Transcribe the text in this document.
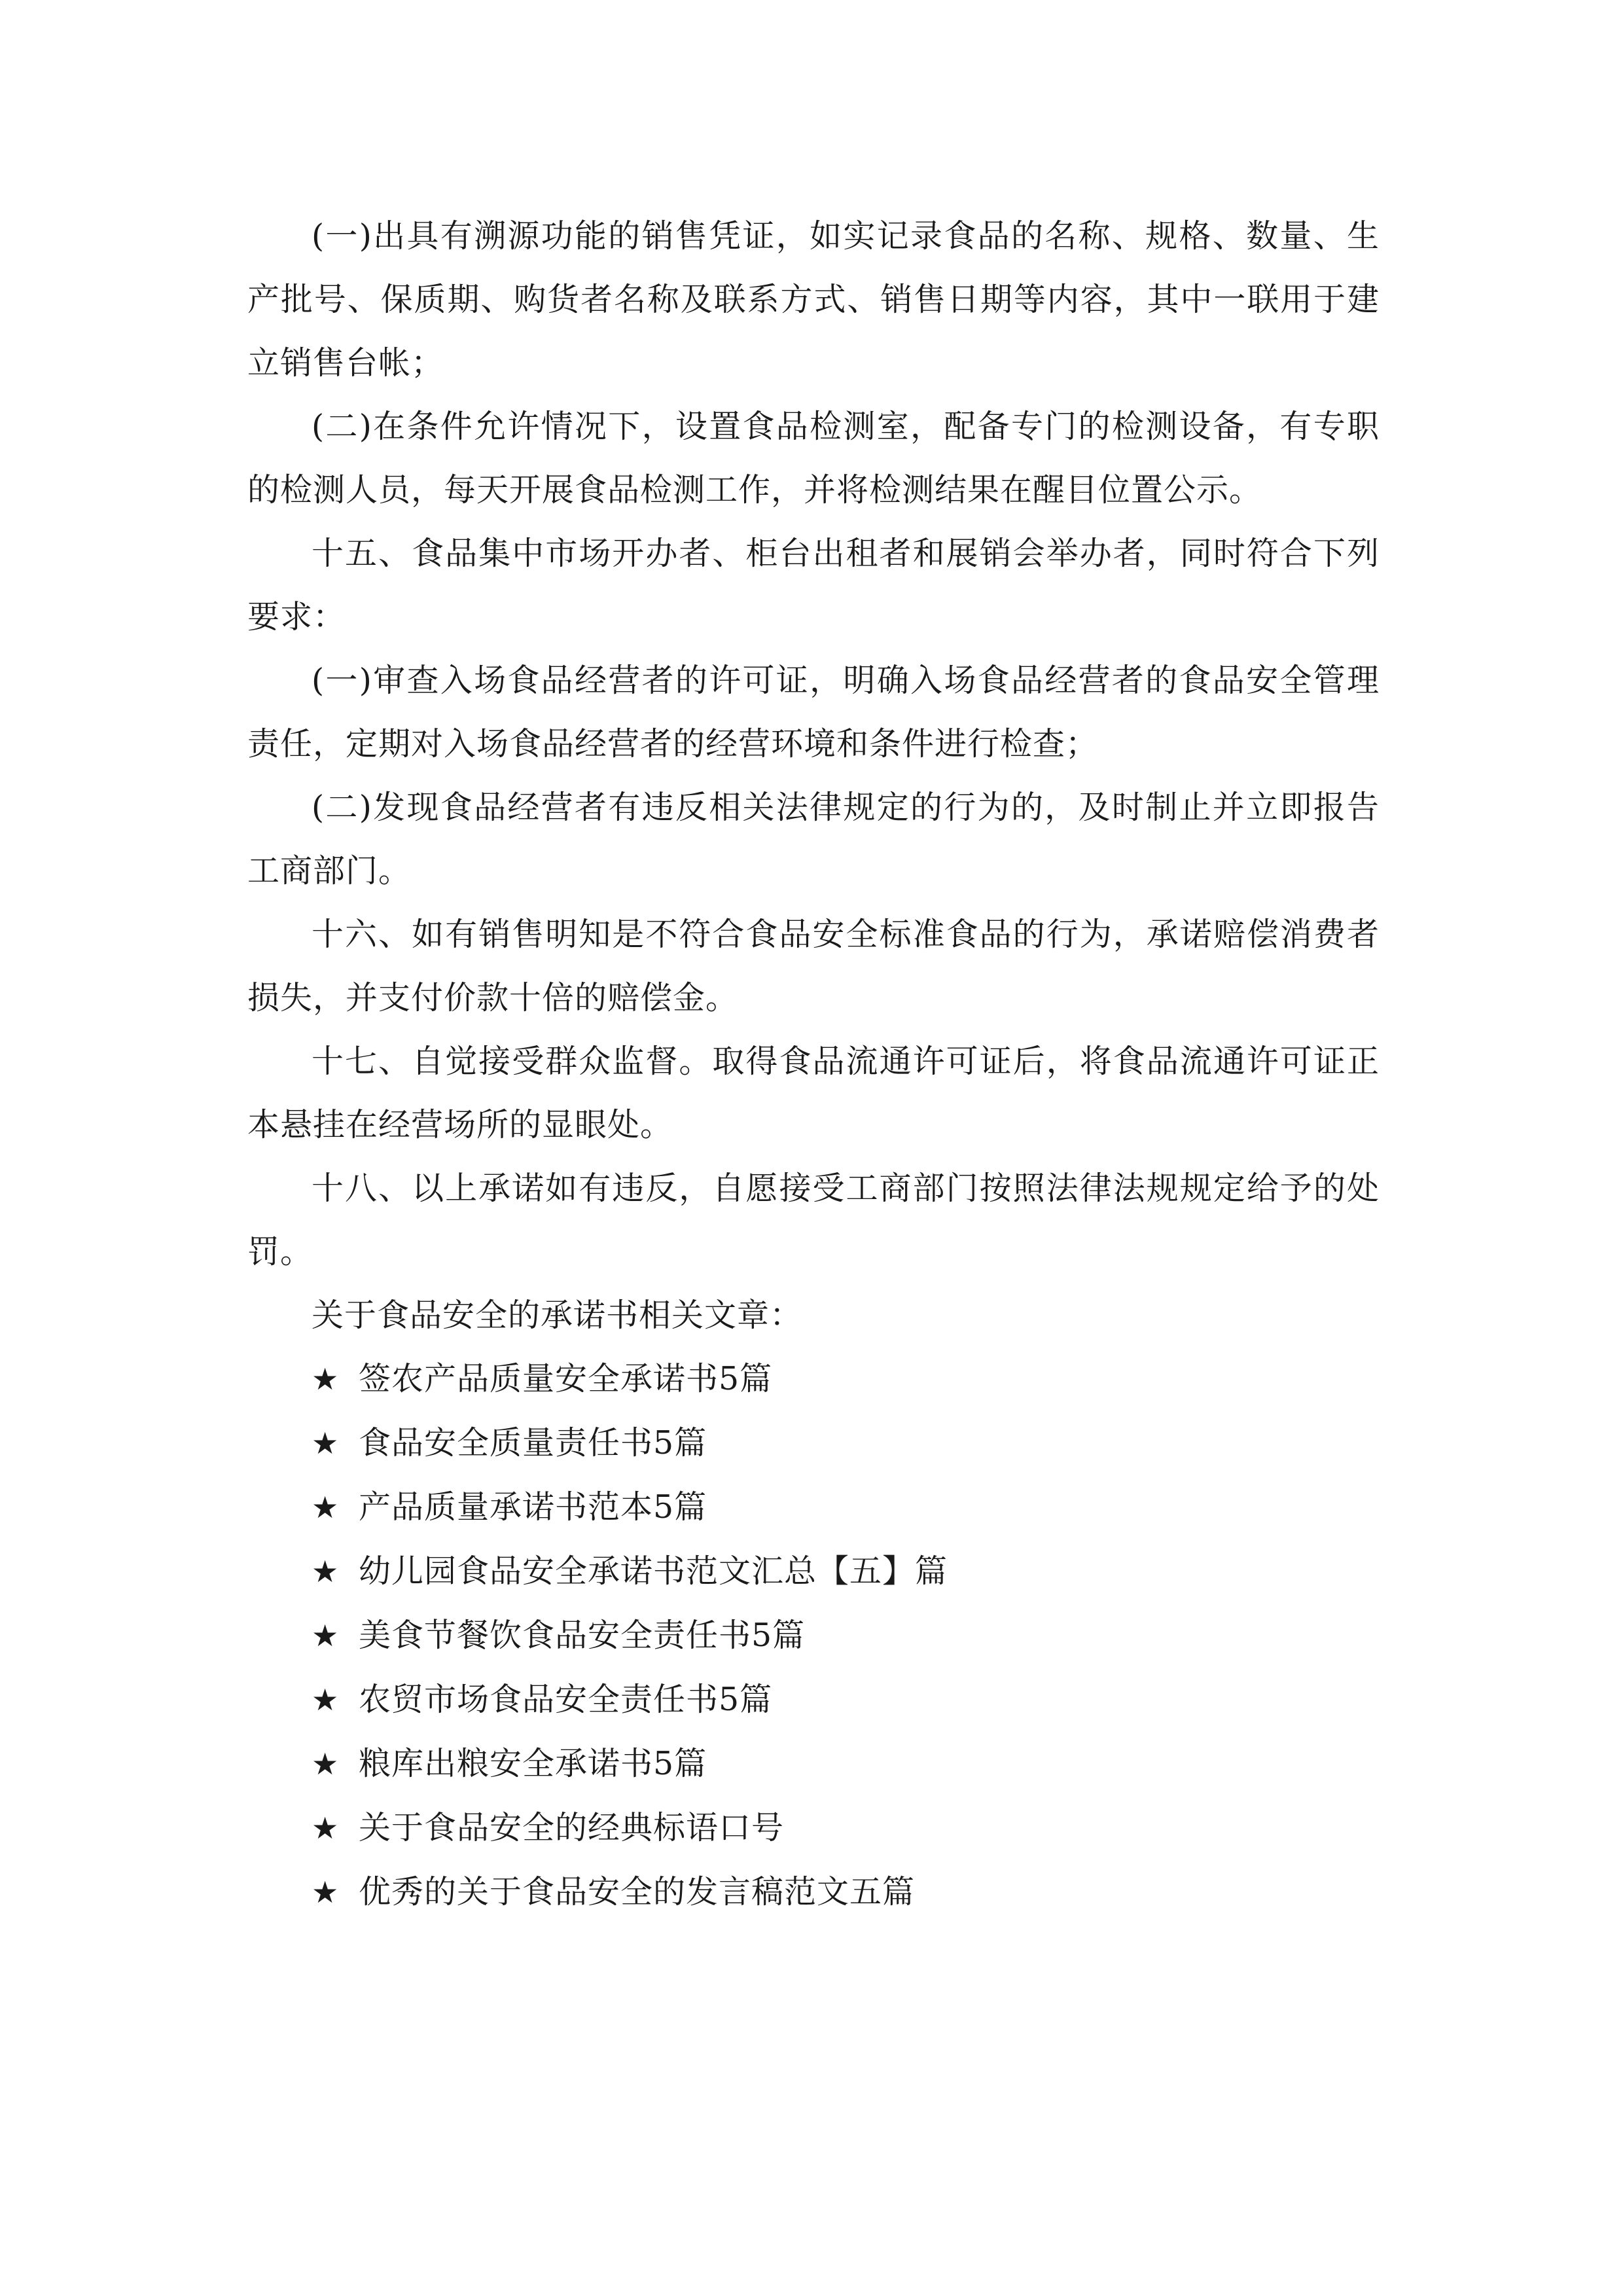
(一)出具有溯源功能的销售凭证，如实记录食品的名称、规格、数量、生产批号、保质期、购货者名称及联系方式、销售日期等内容，其中一联用于建立销售台帐；

(二)在条件允许情况下，设置食品检测室，配备专门的检测设备，有专职的检测人员，每天开展食品检测工作，并将检测结果在醒目位置公示。

十五、食品集中市场开办者、柜台出租者和展销会举办者，同时符合下列要求：

(一)审查入场食品经营者的许可证，明确入场食品经营者的食品安全管理责任，定期对入场食品经营者的经营环境和条件进行检查；

(二)发现食品经营者有违反相关法律规定的行为的，及时制止并立即报告工商部门。

十六、如有销售明知是不符合食品安全标准食品的行为，承诺赔偿消费者损失，并支付价款十倍的赔偿金。

十七、自觉接受群众监督。取得食品流通许可证后，将食品流通许可证正本悬挂在经营场所的显眼处。

十八、以上承诺如有违反，自愿接受工商部门按照法律法规规定给予的处罚。

关于食品安全的承诺书相关文章：

★ 签农产品质量安全承诺书5篇
★ 食品安全质量责任书5篇
★ 产品质量承诺书范本5篇
★ 幼儿园食品安全承诺书范文汇总【五】篇
★ 美食节餐饮食品安全责任书5篇
★ 农贸市场食品安全责任书5篇
★ 粮库出粮安全承诺书5篇
★ 关于食品安全的经典标语口号
★ 优秀的关于食品安全的发言稿范文五篇
